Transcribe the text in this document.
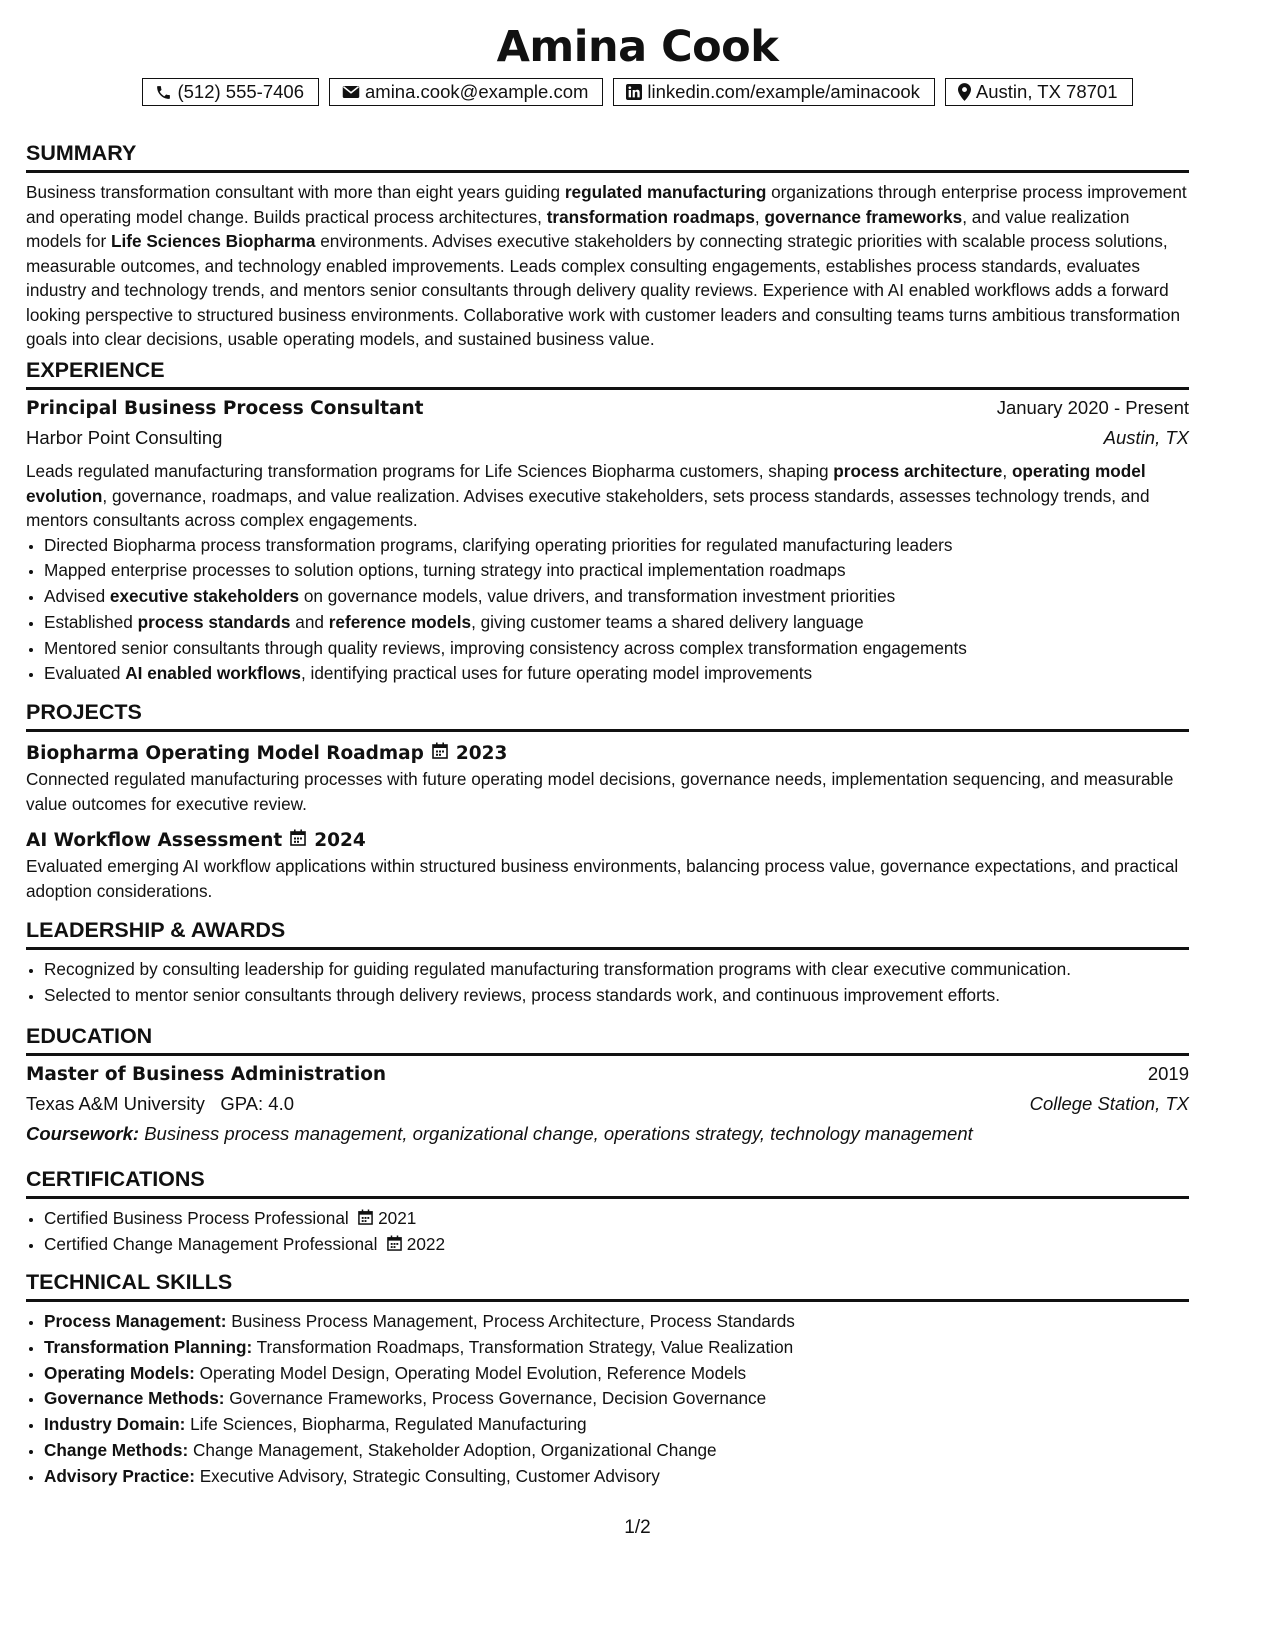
Amina Cook
(512) 555-7406	amina.cook@example.com	linkedin.com/example/aminacook	Austin, TX 78701
SUMMARY

Business transformation consultant with more than eight years guiding regulated manufacturing organizations through enterprise process improvement and operating model change. Builds practical process architectures, transformation roadmaps, governance frameworks, and value realization models for Life Sciences Biopharma environments. Advises executive stakeholders by connecting strategic priorities with scalable process solutions, measurable outcomes, and technology enabled improvements. Leads complex consulting engagements, establishes process standards, evaluates industry and technology trends, and mentors senior consultants through delivery quality reviews. Experience with AI enabled workflows adds a forward looking perspective to structured business environments. Collaborative work with customer leaders and consulting teams turns ambitious transformation goals into clear decisions, usable operating models, and sustained business value.

EXPERIENCE
Principal Business Process Consultant	January 2020 - Present
Harbor Point Consulting	Austin, TX

Leads regulated manufacturing transformation programs for Life Sciences Biopharma customers, shaping process architecture, operating model evolution, governance, roadmaps, and value realization. Advises executive stakeholders, sets process standards, assesses technology trends, and mentors consultants across complex engagements.

• Directed Biopharma process transformation programs, clarifying operating priorities for regulated manufacturing leaders
• Mapped enterprise processes to solution options, turning strategy into practical implementation roadmaps
• Advised executive stakeholders on governance models, value drivers, and transformation investment priorities
• Established process standards and reference models, giving customer teams a shared delivery language
• Mentored senior consultants through quality reviews, improving consistency across complex transformation engagements
• Evaluated AI enabled workflows, identifying practical uses for future operating model improvements
PROJECTS
Biopharma Operating Model Roadmap 2023

Connected regulated manufacturing processes with future operating model decisions, governance needs, implementation sequencing, and measurable value outcomes for executive review.

AI Workflow Assessment 2024

Evaluated emerging AI workflow applications within structured business environments, balancing process value, governance expectations, and practical adoption considerations.

LEADERSHIP & AWARDS
• Recognized by consulting leadership for guiding regulated manufacturing transformation programs with clear executive communication.
• Selected to mentor senior consultants through delivery reviews, process standards work, and continuous improvement efforts.
EDUCATION
Master of Business Administration	2019
Texas A&M University GPA: 4.0	College Station, TX
Coursework: Business process management, organizational change, operations strategy, technology management
CERTIFICATIONS
• Certified Business Process Professional 2021
• Certified Change Management Professional 2022
TECHNICAL SKILLS
• Process Management: Business Process Management, Process Architecture, Process Standards
• Transformation Planning: Transformation Roadmaps, Transformation Strategy, Value Realization
• Operating Models: Operating Model Design, Operating Model Evolution, Reference Models
• Governance Methods: Governance Frameworks, Process Governance, Decision Governance
• Industry Domain: Life Sciences, Biopharma, Regulated Manufacturing
• Change Methods: Change Management, Stakeholder Adoption, Organizational Change
• Advisory Practice: Executive Advisory, Strategic Consulting, Customer Advisory
1/2
